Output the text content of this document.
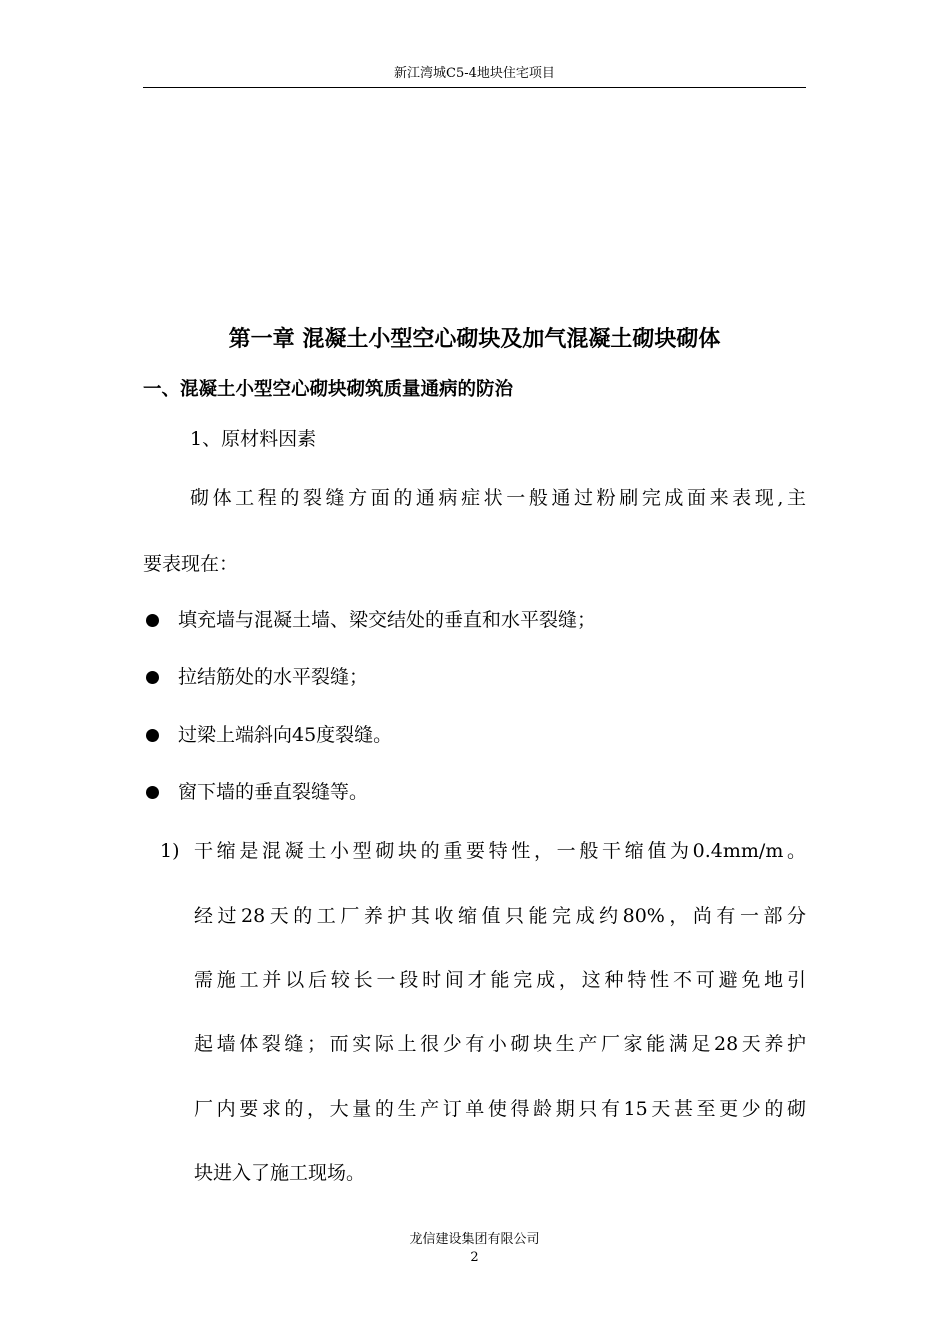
新江湾城C5-4地块住宅项目
第一章 混凝土小型空心砌块及加气混凝土砌块砌体
一、混凝土小型空心砌块砌筑质量通病的防治
1、原材料因素
砌体工程的裂缝方面的通病症状一般通过粉刷完成面来表现,主
要表现在：
填充墙与混凝土墙、梁交结处的垂直和水平裂缝；
拉结筋处的水平裂缝；
过梁上端斜向45度裂缝。
窗下墙的垂直裂缝等。
1) 干缩是混凝土小型砌块的重要特性，一般干缩值为0.4mm/m。
经过28天的工厂养护其收缩值只能完成约80%，尚有一部分
需施工并以后较长一段时间才能完成，这种特性不可避免地引
起墙体裂缝；而实际上很少有小砌块生产厂家能满足28天养护
厂内要求的，大量的生产订单使得龄期只有15天甚至更少的砌
块进入了施工现场。
龙信建设集团有限公司
2
